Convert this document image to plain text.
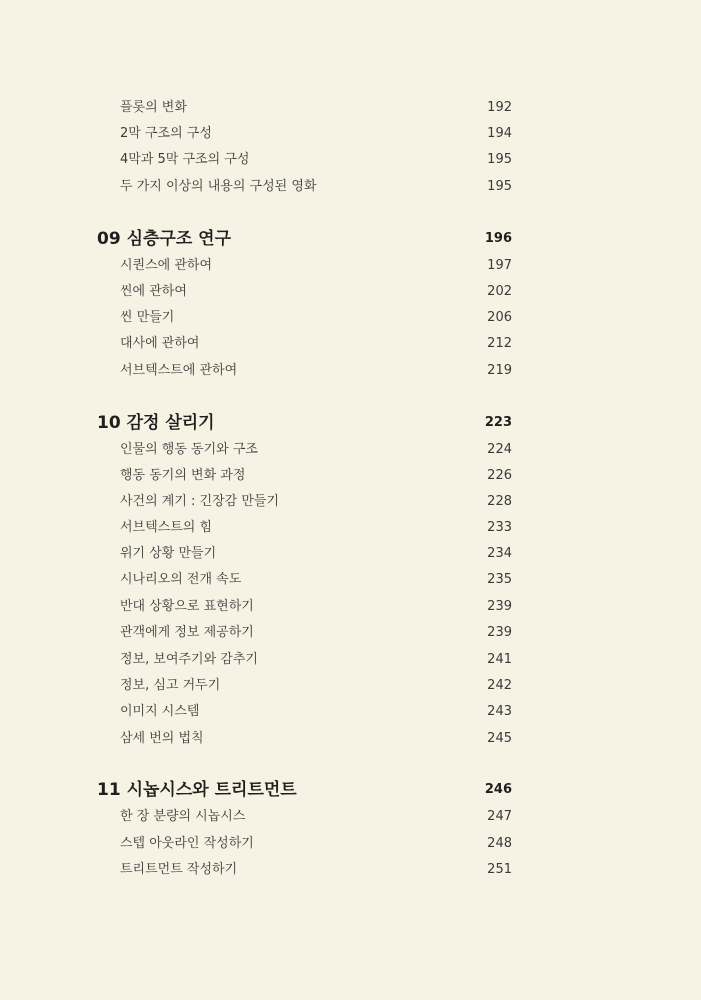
플롯의 변화	192
2막 구조의 구성	194
4막과 5막 구조의 구성	195
두 가지 이상의 내용의 구성된 영화	195
09 심층구조 연구	196
시퀀스에 관하여	197
씬에 관하여	202
씬 만들기	206
대사에 관하여	212
서브텍스트에 관하여	219
10 감정 살리기	223
인물의 행동 동기와 구조	224
행동 동기의 변화 과정	226
사건의 계기 : 긴장감 만들기	228
서브텍스트의 힘	233
위기 상황 만들기	234
시나리오의 전개 속도	235
반대 상황으로 표현하기	239
관객에게 정보 제공하기	239
정보, 보여주기와 감추기	241
정보, 심고 거두기	242
이미지 시스템	243
삼세 번의 법칙	245
11 시놉시스와 트리트먼트	246
한 장 분량의 시놉시스	247
스텝 아웃라인 작성하기	248
트리트먼트 작성하기	251
